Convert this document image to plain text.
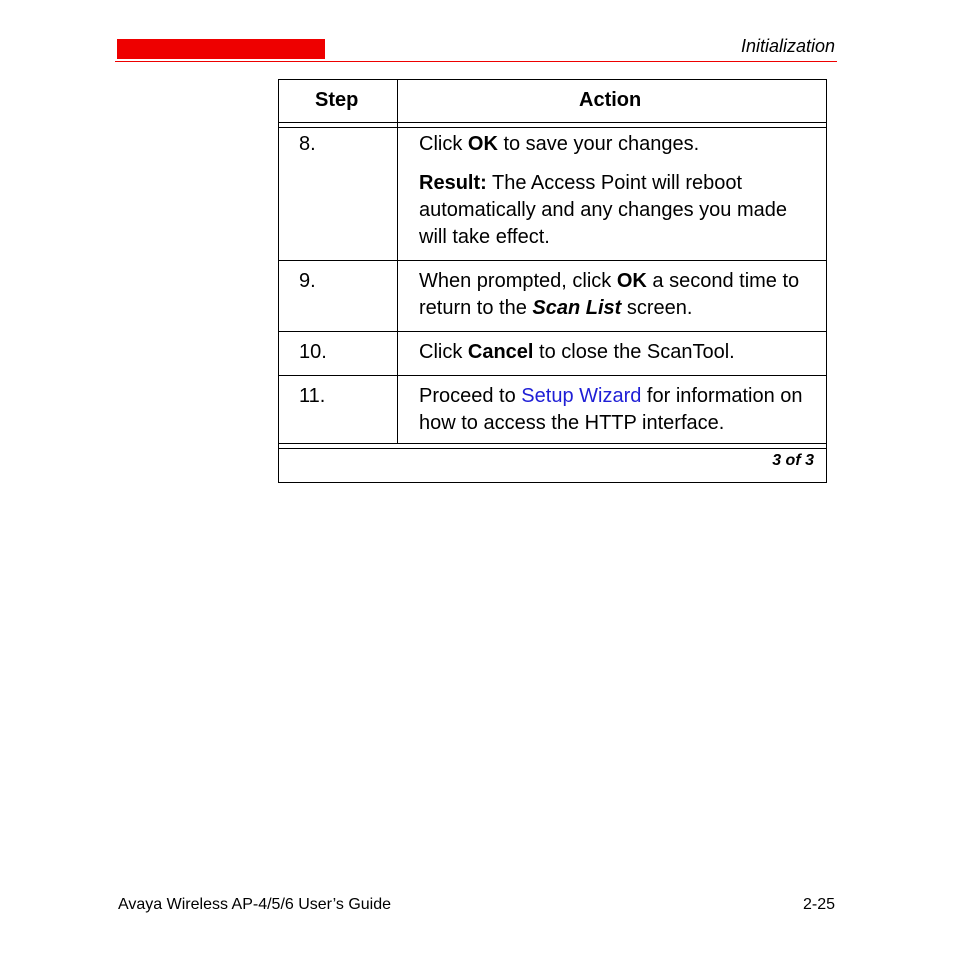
Initialization
Step	Action
8.	Click OK to save your changes.

Result: The Access Point will reboot automatically and any changes you made will take effect.

9.	When prompted, click OK a second time to return to the Scan List screen.

10.	Click Cancel to close the ScanTool.

11.	Proceed to Setup Wizard for information on how to access the HTTP interface.

3 of 3
Avaya Wireless AP-4/5/6 User’s Guide	2-25
